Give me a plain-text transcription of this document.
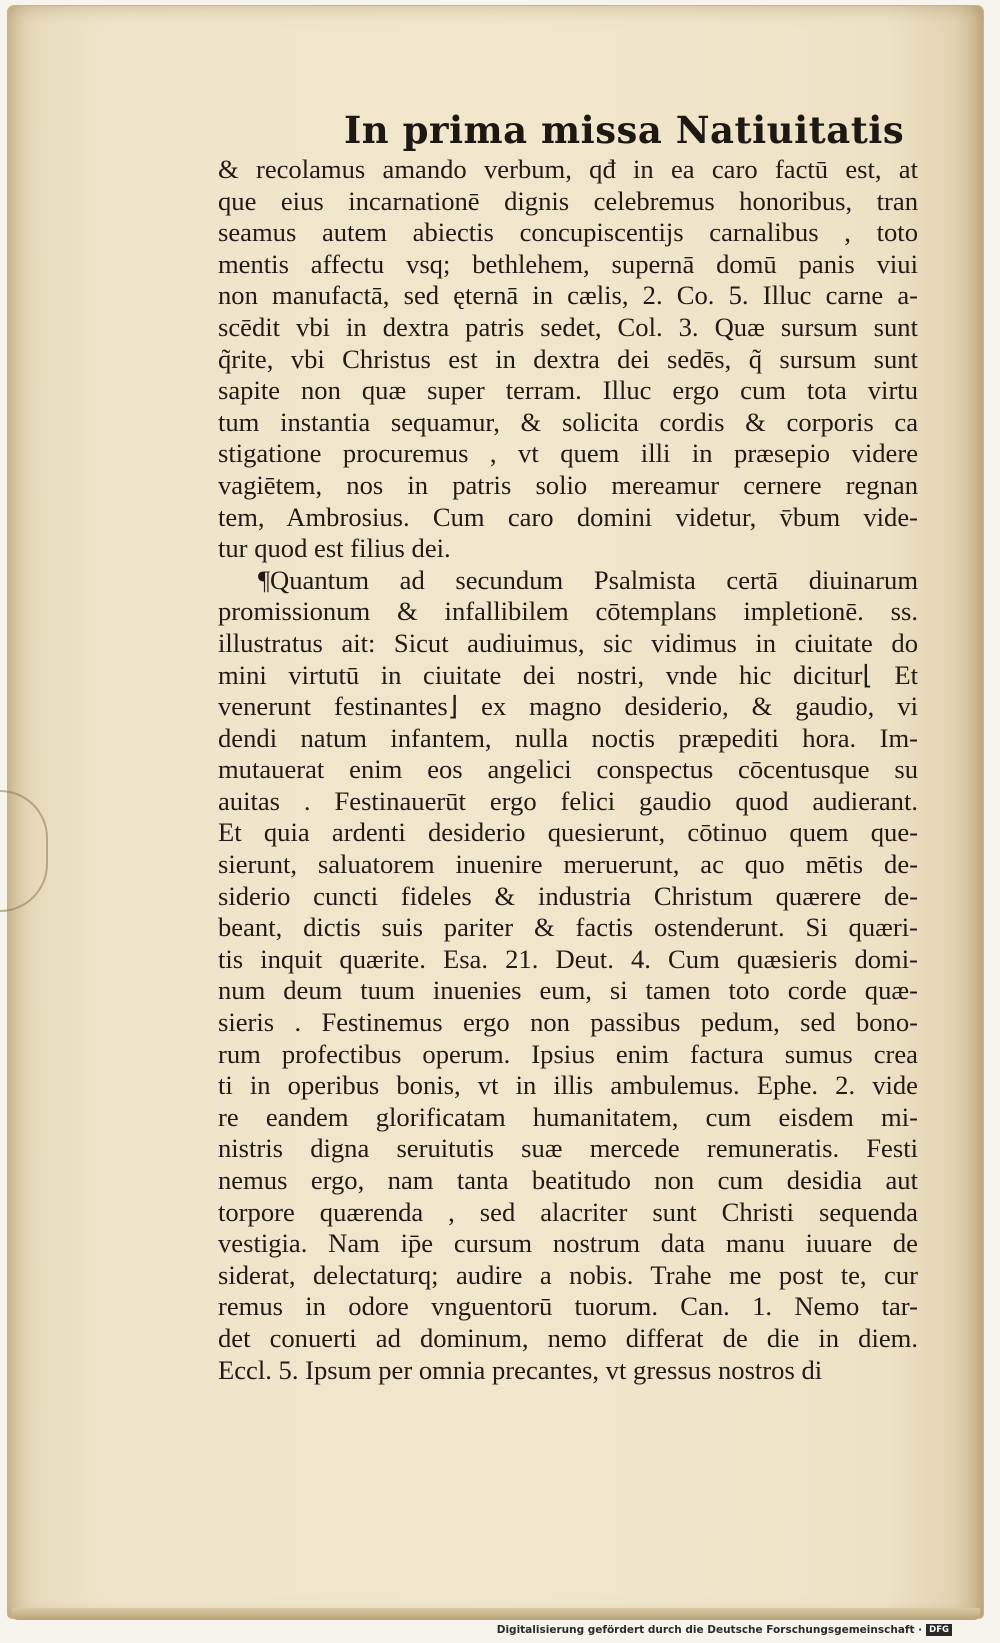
In prima missa Natiuitatis
& recolamus amando verbum, qđ in ea caro factū est, at
que eius incarnationē dignis celebremus honoribus, tran
seamus autem abiectis concupiscentijs carnalibus , toto
mentis affectu vsq; bethlehem, supernā domū panis viui
non manufactā, sed ęternā in cælis, 2. Co. 5. Illuc carne a-
scēdit vbi in dextra patris sedet, Col. 3. Quæ sursum sunt
q̃rite, vbi Christus est in dextra dei sedēs, q̃ sursum sunt
sapite non quæ super terram. Illuc ergo cum tota virtu
tum instantia sequamur, & solicita cordis & corporis ca
stigatione procuremus , vt quem illi in præsepio videre
vagiētem, nos in patris solio mereamur cernere regnan
tem, Ambrosius. Cum caro domini videtur, v̄bum vide-
tur quod est filius dei.
¶Quantum ad secundum Psalmista certā diuinarum
promissionum & infallibilem cōtemplans impletionē. ss.
illustratus ait: Sicut audiuimus, sic vidimus in ciuitate do
mini virtutū in ciuitate dei nostri, vnde hic dicitur⌊ Et
venerunt festinantes⌋ ex magno desiderio, & gaudio, vi
dendi natum infantem, nulla noctis præpediti hora. Im-
mutauerat enim eos angelici conspectus cōcentusque su
auitas . Festinauerūt ergo felici gaudio quod audierant.
Et quia ardenti desiderio quesierunt, cōtinuo quem que-
sierunt, saluatorem inuenire meruerunt, ac quo mētis de-
siderio cuncti fideles & industria Christum quærere de-
beant, dictis suis pariter & factis ostenderunt. Si quæri-
tis inquit quærite. Esa. 21. Deut. 4. Cum quæsieris domi-
num deum tuum inuenies eum, si tamen toto corde quæ-
sieris . Festinemus ergo non passibus pedum, sed bono-
rum profectibus operum. Ipsius enim factura sumus crea
ti in operibus bonis, vt in illis ambulemus. Ephe. 2. vide
re eandem glorificatam humanitatem, cum eisdem mi-
nistris digna seruitutis suæ mercede remuneratis. Festi
nemus ergo, nam tanta beatitudo non cum desidia aut
torpore quærenda , sed alacriter sunt Christi sequenda
vestigia. Nam ip̄e cursum nostrum data manu iuuare de
siderat, delectaturq; audire a nobis. Trahe me post te, cur
remus in odore vnguentorū tuorum. Can. 1. Nemo tar-
det conuerti ad dominum, nemo differat de die in diem.
Eccl. 5. Ipsum per omnia precantes, vt gressus nostros di
Digitalisierung gefördert durch die Deutsche Forschungsgemeinschaft · DFG
